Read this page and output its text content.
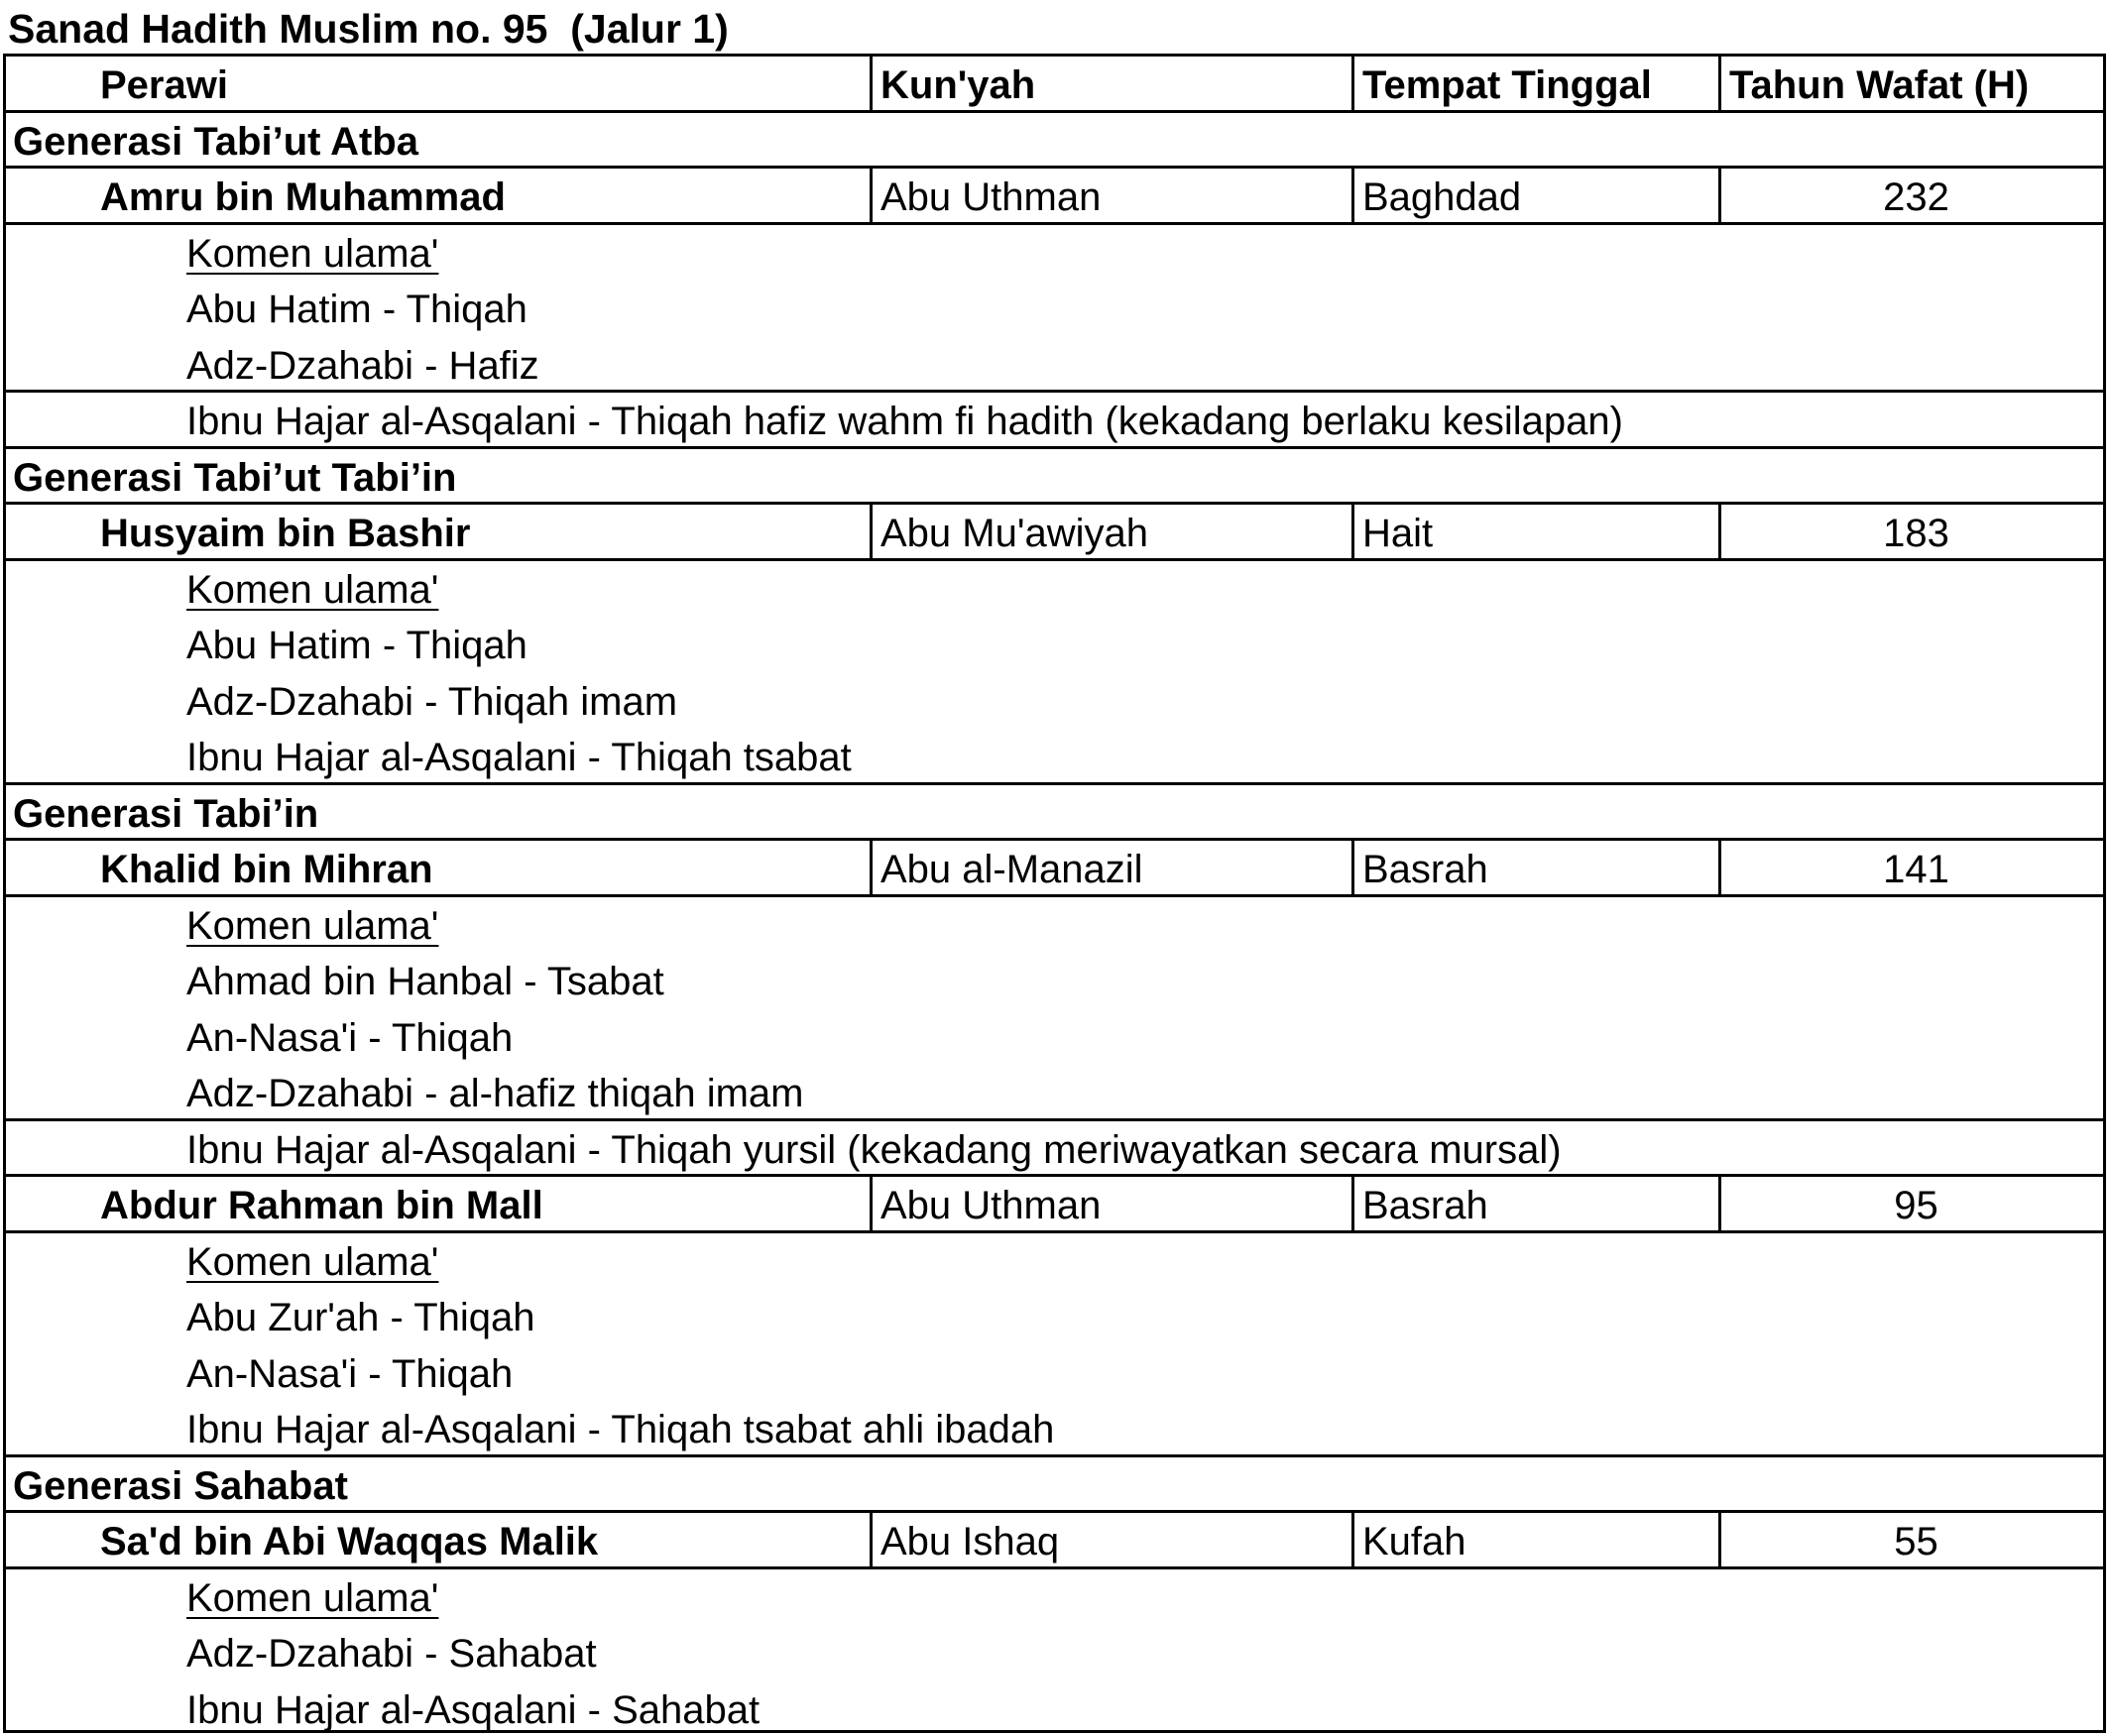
Sanad Hadith Muslim no. 95  (Jalur 1)
Perawi	Kun'yah	Tempat Tinggal	Tahun Wafat (H)
Generasi Tabi’ut Atba
Amru bin Muhammad	Abu Uthman	Baghdad	232
Komen ulama'
Abu Hatim - Thiqah
Adz-Dzahabi - Hafiz
Ibnu Hajar al-Asqalani - Thiqah hafiz wahm fi hadith (kekadang berlaku kesilapan)
Generasi Tabi’ut Tabi’in
Husyaim bin Bashir	Abu Mu'awiyah	Hait	183
Komen ulama'
Abu Hatim - Thiqah
Adz-Dzahabi - Thiqah imam
Ibnu Hajar al-Asqalani - Thiqah tsabat
Generasi Tabi’in
Khalid bin Mihran	Abu al-Manazil	Basrah	141
Komen ulama'
Ahmad bin Hanbal - Tsabat
An-Nasa'i - Thiqah
Adz-Dzahabi - al-hafiz thiqah imam
Ibnu Hajar al-Asqalani - Thiqah yursil (kekadang meriwayatkan secara mursal)
Abdur Rahman bin Mall	Abu Uthman	Basrah	95
Komen ulama'
Abu Zur'ah - Thiqah
An-Nasa'i - Thiqah
Ibnu Hajar al-Asqalani - Thiqah tsabat ahli ibadah
Generasi Sahabat
Sa'd bin Abi Waqqas Malik	Abu Ishaq	Kufah	55
Komen ulama'
Adz-Dzahabi - Sahabat
Ibnu Hajar al-Asqalani - Sahabat
